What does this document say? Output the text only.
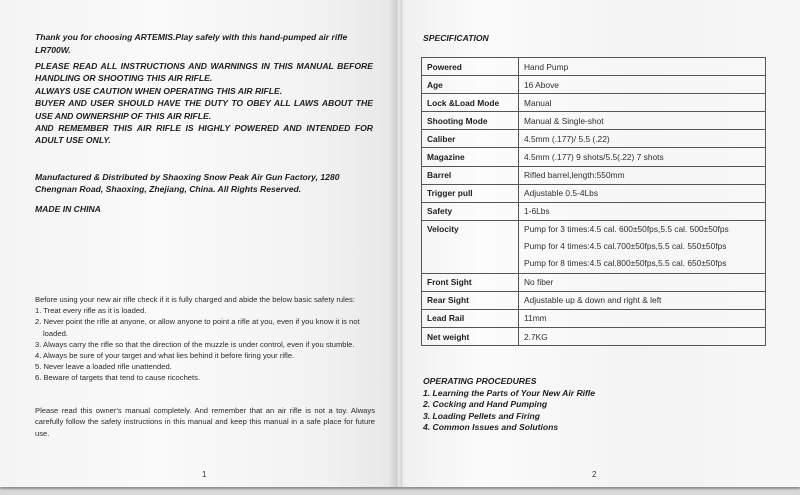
Thank you for choosing ARTEMIS.Play safely with this hand-pumped air rifle LR700W.

PLEASE READ ALL INSTRUCTIONS AND WARNINGS IN THIS MANUAL BEFORE HANDLING OR SHOOTING THIS AIR RIFLE.
ALWAYS USE CAUTION WHEN OPERATING THIS AIR RIFLE.
BUYER AND USER SHOULD HAVE THE DUTY TO OBEY ALL LAWS ABOUT THE USE AND OWNERSHIP OF THIS AIR RIFLE.
AND REMEMBER THIS AIR RIFLE IS HIGHLY POWERED AND INTENDED FOR ADULT USE ONLY.
Manufactured & Distributed by Shaoxing Snow Peak Air Gun Factory, 1280 Chengnan Road, Shaoxing, Zhejiang, China. All Rights Reserved.
MADE IN CHINA
Before using your new air rifle check if it is fully charged and abide the below basic safety rules:
1. Treat every rifle as it is loaded.
2. Never point the rifle at anyone, or allow anyone to point a rifle at you, even if you know it is not loaded.
3. Always carry the rifle so that the direction of the muzzle is under control, even if you stumble.
4. Always be sure of your target and what lies behind it before firing your rifle.
5. Never leave a loaded rifle unattended.
6. Beware of targets that tend to cause ricochets.
Please read this owner's manual completely. And remember that an air rifle is not a toy. Always carefully follow the safety instructions in this manual and keep this manual in a safe place for future use.
1
SPECIFICATION
Powered	Hand Pump
Age	16 Above
Lock &Load Mode	Manual
Shooting Mode	Manual & Single-shot
Caliber	4.5mm (.177)/ 5.5 (.22)
Magazine	4.5mm (.177) 9 shots/5.5(.22) 7 shots
Barrel	Rifled barrel,length:550mm
Trigger pull	Adjustable 0.5-4Lbs
Safety	1-6Lbs
Velocity	Pump for 3 times:4.5 cal. 600±50fps,5.5 cal. 500±50fps
Pump for 4 times:4.5 cal.700±50fps,5.5 cal. 550±50fps
Pump for 8 times:4.5 cal.800±50fps,5.5 cal. 650±50fps

Front Sight	No fiber
Rear Sight	Adjustable up & down and right & left
Lead Rail	11mm
Net weight	2.7KG
OPERATING PROCEDURES
1. Learning the Parts of Your New Air Rifle
2. Cocking and Hand Pumping
3. Loading Pellets and Firing
4. Common Issues and Solutions
2
